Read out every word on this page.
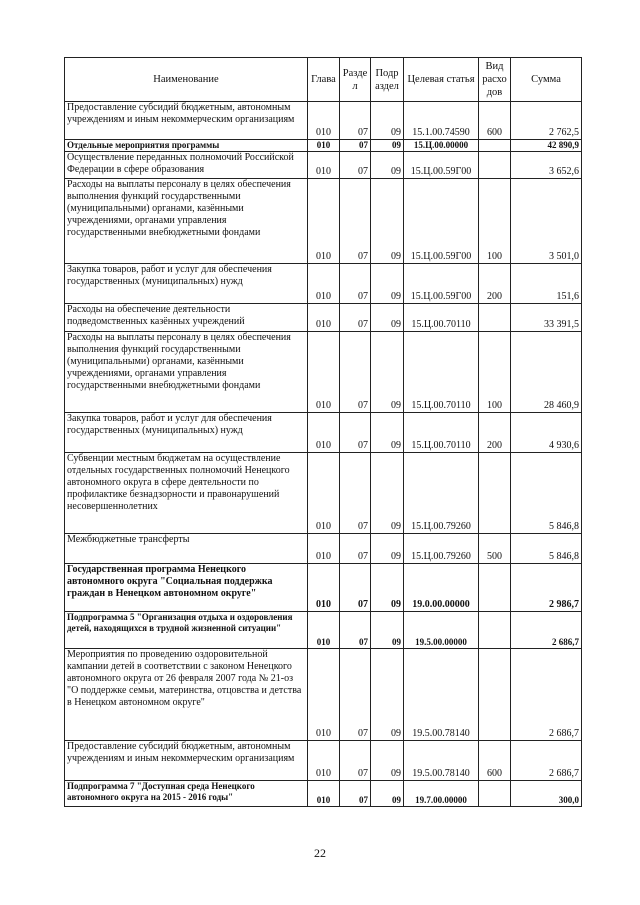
Наименование	Глава	Разде л	Подр аздел	Целевая статья	Вид расхо дов	Сумма
Предоставление субсидий бюджетным, автономным учреждениям и иным некоммерческим организациям	010	07	09	15.1.00.74590	600	2 762,5
Отдельные мероприятия программы	010	07	09	15.Ц.00.00000		42 890,9
Осуществление переданных полномочий Российской Федерации в сфере образования	010	07	09	15.Ц.00.59Г00		3 652,6
Расходы на выплаты персоналу в целях обеспечения выполнения функций государственными (муниципальными) органами, казёнными учреждениями, органами управления государственными внебюджетными фондами	010	07	09	15.Ц.00.59Г00	100	3 501,0
Закупка товаров, работ и услуг для обеспечения государственных (муниципальных) нужд	010	07	09	15.Ц.00.59Г00	200	151,6
Расходы на обеспечение деятельности подведомственных казённых учреждений	010	07	09	15.Ц.00.70110		33 391,5
Расходы на выплаты персоналу в целях обеспечения выполнения функций государственными (муниципальными) органами, казёнными учреждениями, органами управления государственными внебюджетными фондами	010	07	09	15.Ц.00.70110	100	28 460,9
Закупка товаров, работ и услуг для обеспечения государственных (муниципальных) нужд	010	07	09	15.Ц.00.70110	200	4 930,6
Субвенции местным бюджетам на осуществление отдельных государственных полномочий Ненецкого автономного округа в сфере деятельности по профилактике безнадзорности и правонарушений несовершеннолетних	010	07	09	15.Ц.00.79260		5 846,8
Межбюджетные трансферты	010	07	09	15.Ц.00.79260	500	5 846,8
Государственная программа Ненецкого автономного округа "Социальная поддержка граждан в Ненецком автономном округе"	010	07	09	19.0.00.00000		2 986,7
Подпрограмма 5 "Организация отдыха и оздоровления детей, находящихся в трудной жизненной ситуации"	010	07	09	19.5.00.00000		2 686,7
Мероприятия по проведению оздоровительной кампании детей в соответствии с законом Ненецкого автономного округа от 26 февраля 2007 года № 21-оз "О поддержке семьи, материнства, отцовства и детства в Ненецком автономном округе"	010	07	09	19.5.00.78140		2 686,7
Предоставление субсидий бюджетным, автономным учреждениям и иным некоммерческим организациям	010	07	09	19.5.00.78140	600	2 686,7
Подпрограмма 7 "Доступная среда Ненецкого автономного округа на 2015 - 2016 годы"	010	07	09	19.7.00.00000		300,0
22
